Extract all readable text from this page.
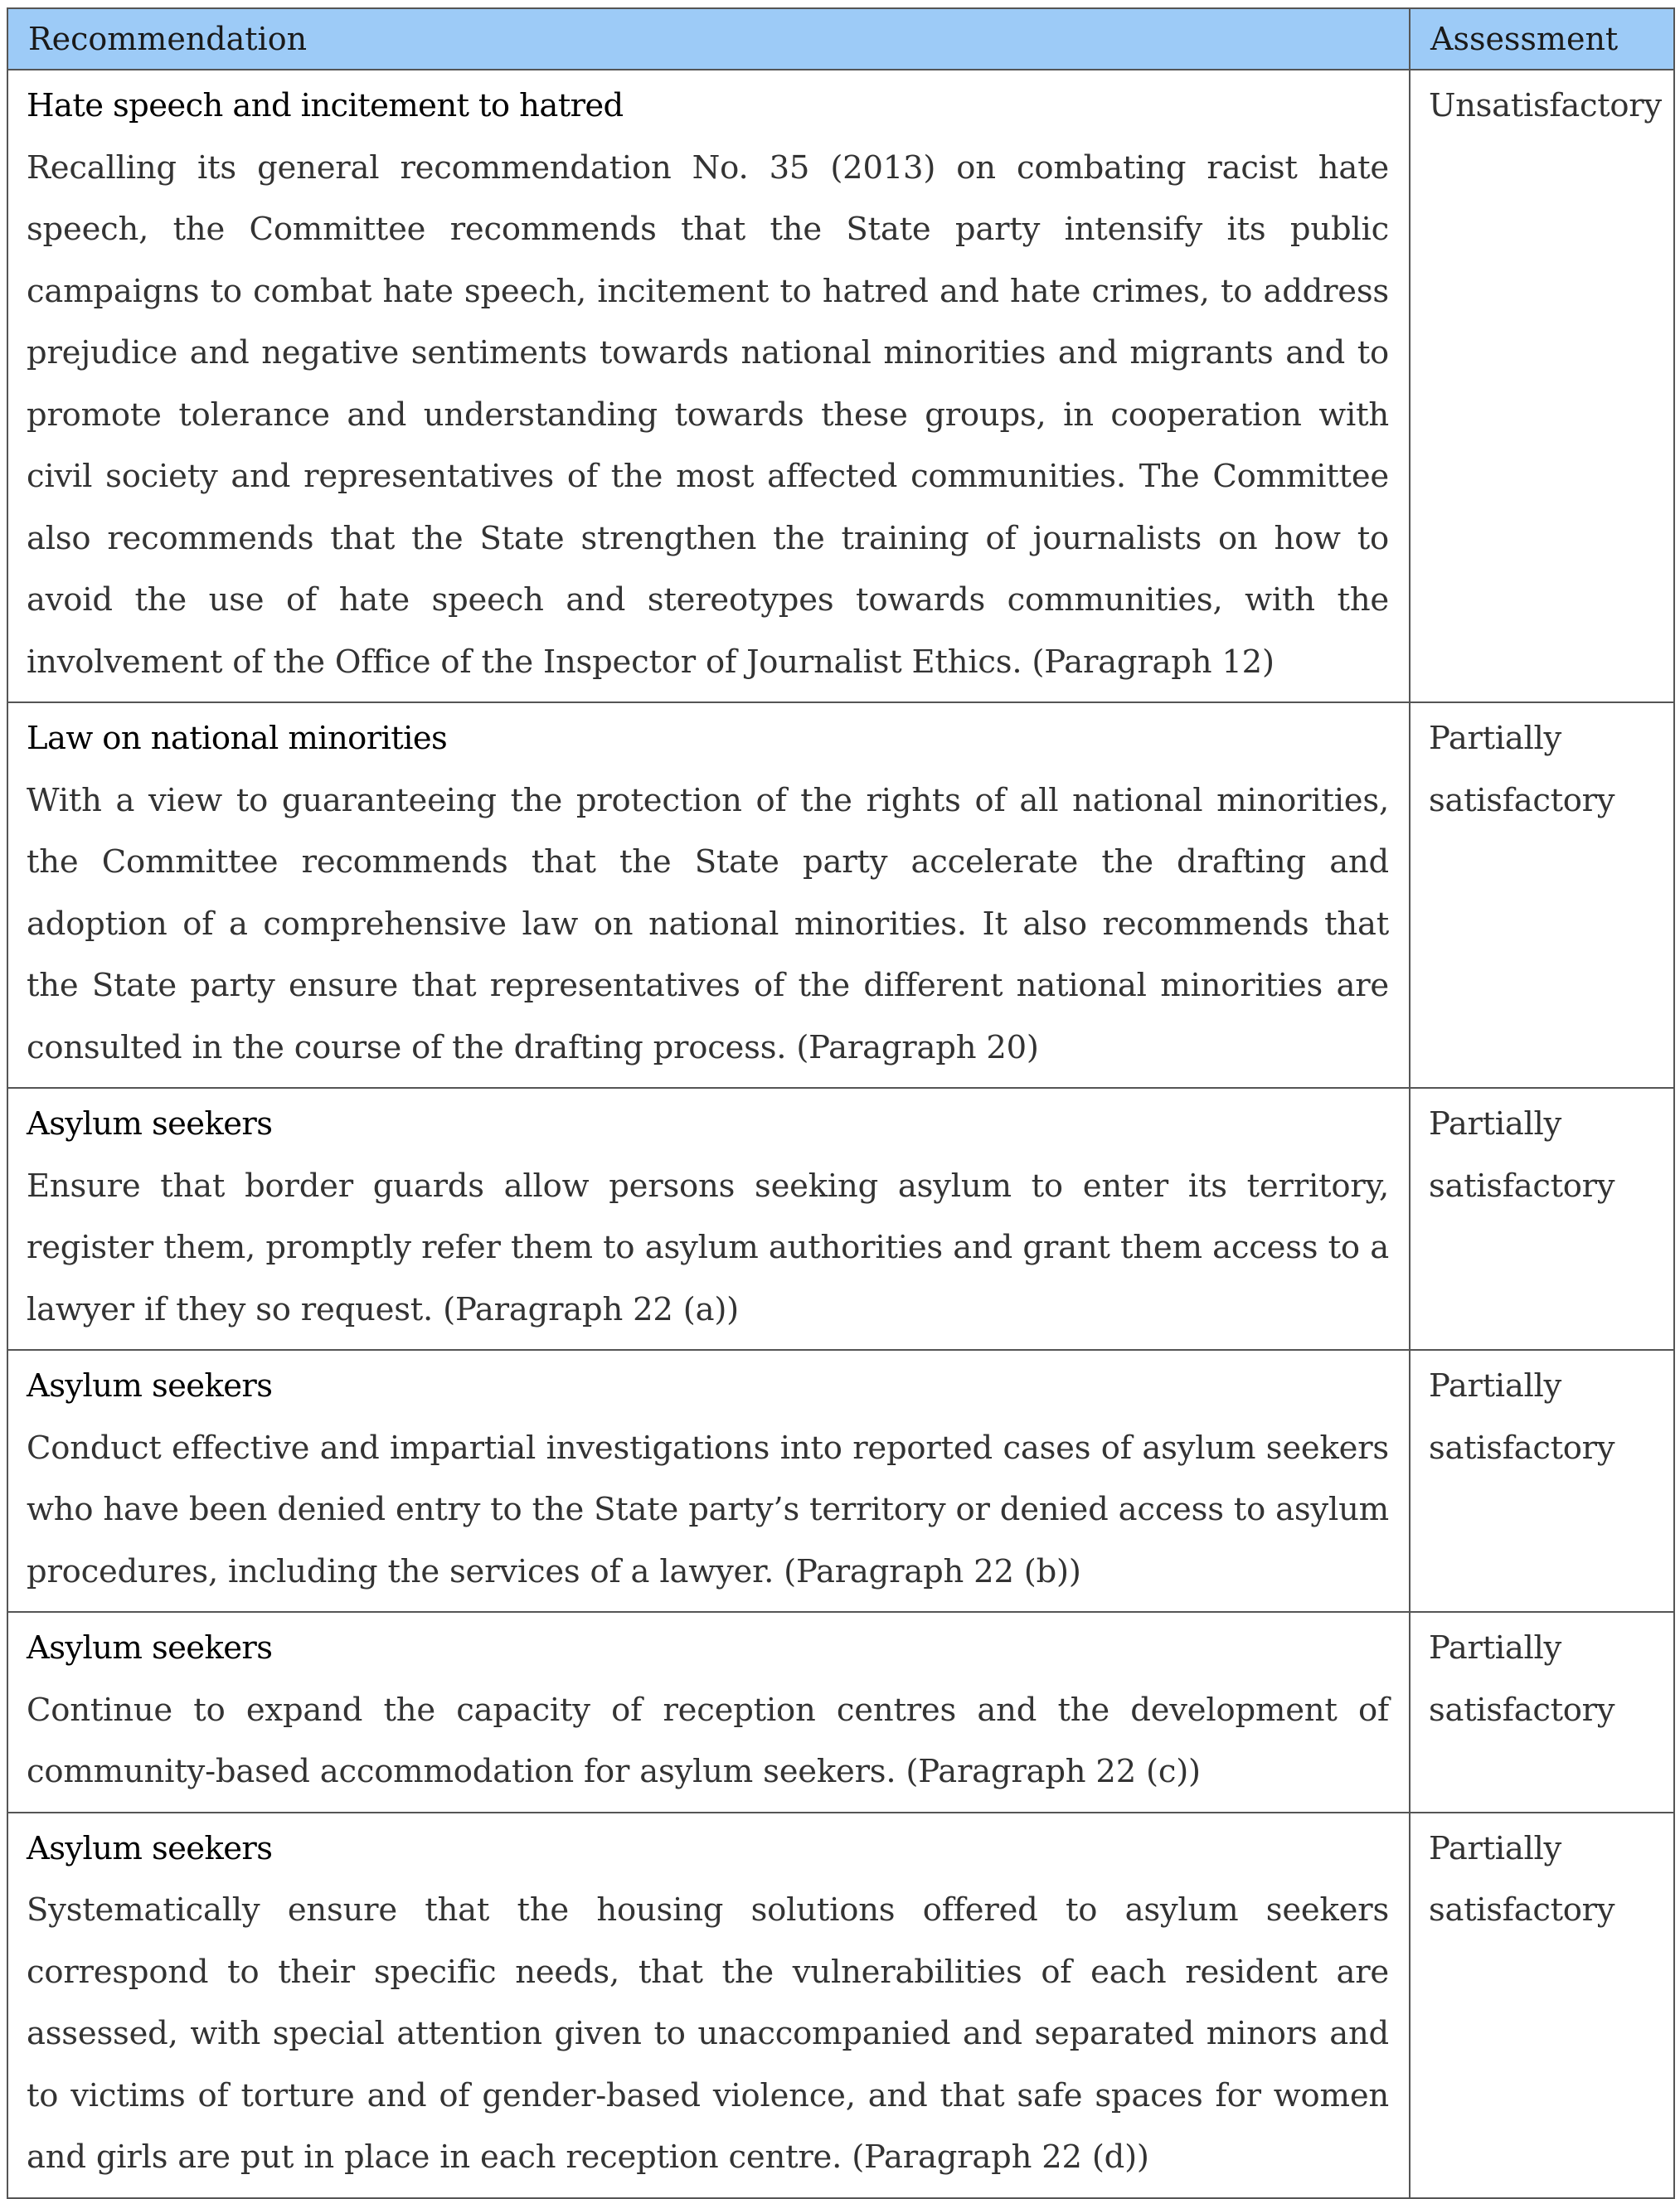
Recommendation	Assessment

Hate speech and incitement to hatred
Recalling its general recommendation No. 35 (2013) on combating racist hate speech, the Committee recommends that the State party intensify its public campaigns to combat hate speech, incitement to hatred and hate crimes, to address prejudice and negative sentiments towards national minorities and migrants and to promote tolerance and understanding towards these groups, in cooperation with civil society and representatives of the most affected communities. The Committee also recommends that the State strengthen the training of journalists on how to avoid the use of hate speech and stereotypes towards communities, with the involvement of the Office of the Inspector of Journalist Ethics. (Paragraph 12)	Unsatisfactory

Law on national minorities
With a view to guaranteeing the protection of the rights of all national minorities, the Committee recommends that the State party accelerate the drafting and adoption of a comprehensive law on national minorities. It also recommends that the State party ensure that representatives of the different national minorities are consulted in the course of the drafting process. (Paragraph 20)	Partially satisfactory

Asylum seekers
Ensure that border guards allow persons seeking asylum to enter its territory, register them, promptly refer them to asylum authorities and grant them access to a lawyer if they so request. (Paragraph 22 (a))	Partially satisfactory

Asylum seekers
Conduct effective and impartial investigations into reported cases of asylum seekers who have been denied entry to the State party’s territory or denied access to asylum procedures, including the services of a lawyer. (Paragraph 22 (b))	Partially satisfactory

Asylum seekers
Continue to expand the capacity of reception centres and the development of community-based accommodation for asylum seekers. (Paragraph 22 (c))	Partially satisfactory

Asylum seekers
Systematically ensure that the housing solutions offered to asylum seekers correspond to their specific needs, that the vulnerabilities of each resident are assessed, with special attention given to unaccompanied and separated minors and to victims of torture and of gender-based violence, and that safe spaces for women and girls are put in place in each reception centre. (Paragraph 22 (d))	Partially satisfactory
